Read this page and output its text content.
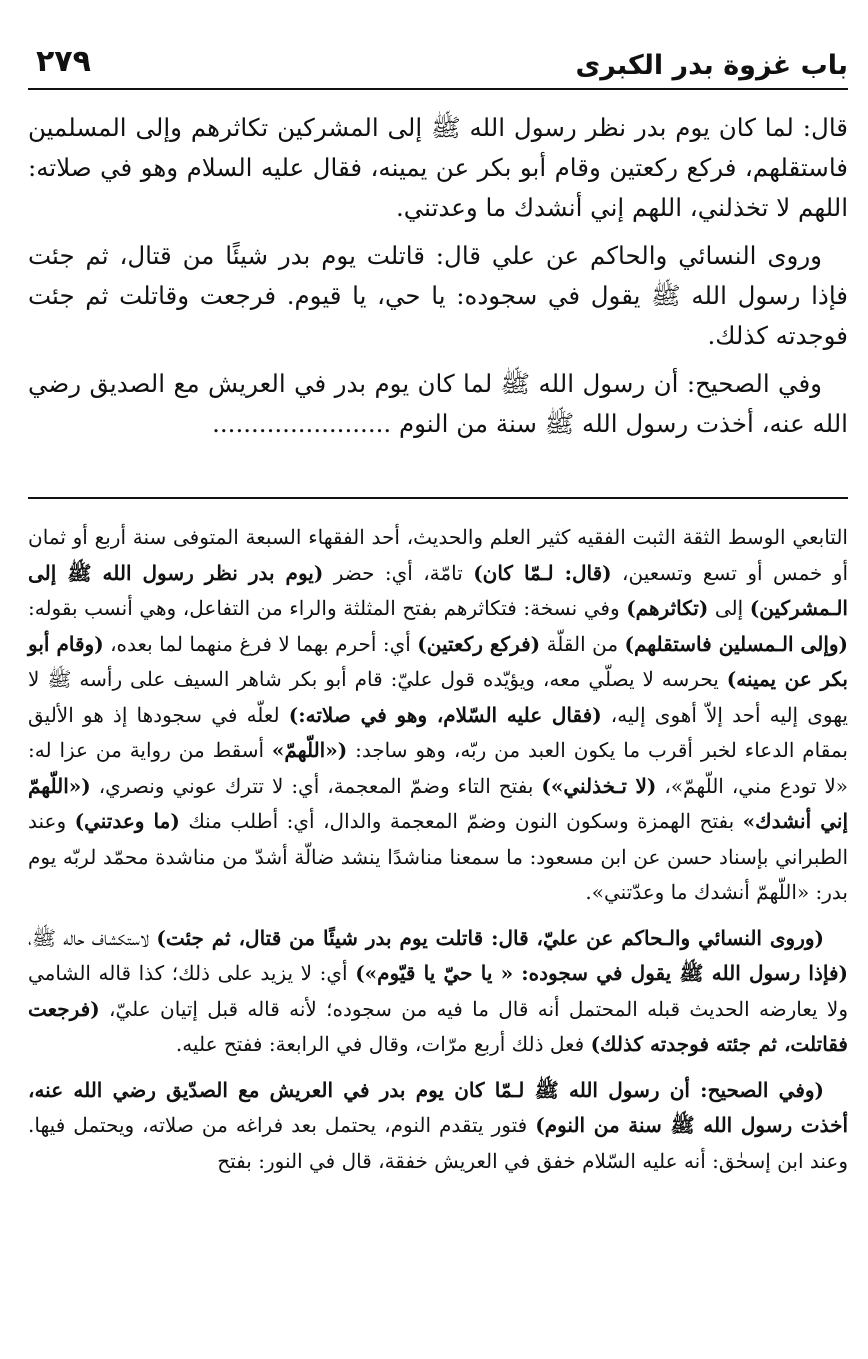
باب غزوة بدر الكبرى
٢٧٩

قال: لما كان يوم بدر نظر رسول الله ﷺ إلى المشركين تكاثرهم وإلى المسلمين فاستقلهم، فركع ركعتين وقام أبو بكر عن يمينه، فقال عليه السلام وهو في صلاته: اللهم لا تخذلني، اللهم إني أنشدك ما وعدتني.

وروى النسائي والحاكم عن علي قال: قاتلت يوم بدر شيئًا من قتال، ثم جئت فإذا رسول الله ﷺ يقول في سجوده: يا حي، يا قيوم. فرجعت وقاتلت ثم جئت فوجدته كذلك.

وفي الصحيح: أن رسول الله ﷺ لما كان يوم بدر في العريش مع الصديق رضي الله عنه، أخذت رسول الله ﷺ سنة من النوم .......................

التابعي الوسط الثقة الثبت الفقيه كثير العلم والحديث، أحد الفقهاء السبعة المتوفى سنة أربع أو ثمان أو خمس أو تسع وتسعين، (قال: لـمّا كان) تامّة، أي: حضر (يوم بدر نظر رسول الله ﷺ إلى الـمشركين) إلى (تكاثرهم) وفي نسخة: فتكاثرهم بفتح المثلثة والراء من التفاعل، وهي أنسب بقوله: (وإلى الـمسلين فاستقلهم) من القلّة (فركع ركعتين) أي: أحرم بهما لا فرغ منهما لما بعده، (وقام أبو بكر عن يمينه) يحرسه لا يصلّي معه، ويؤيّده قول عليّ: قام أبو بكر شاهر السيف على رأسه ﷺ لا يهوى إليه أحد إلاّ أهوى إليه، (فقال عليه السّلام، وهو في صلاته:) لعلّه في سجودها إذ هو الأليق بمقام الدعاء لخبر أقرب ما يكون العبد من ربّه، وهو ساجد: («اللّهمّ» أسقط من رواية من عزا له: «لا تودع مني، اللّهمّ»، (لا تـخذلني») بفتح التاء وضمّ المعجمة، أي: لا تترك عوني ونصري، («اللّهمّ إني أنشدك» بفتح الهمزة وسكون النون وضمّ المعجمة والدال، أي: أطلب منك (ما وعدتني) وعند الطبراني بإسناد حسن عن ابن مسعود: ما سمعنا مناشدًا ينشد ضالّة أشدّ من مناشدة محمّد لربّه يوم بدر: «اللّهمّ أنشدك ما وعدّتني».

(وروى النسائي والـحاكم عن عليّ، قال: قاتلت يوم بدر شيئًا من قتال، ثم جئت) لاستكشاف حاله ﷺ، (فإذا رسول الله ﷺ يقول في سجوده: « يا حيّ يا قيّوم») أي: لا يزيد على ذلك؛ كذا قاله الشامي ولا يعارضه الحديث قبله المحتمل أنه قال ما فيه من سجوده؛ لأنه قاله قبل إتيان عليّ، (فرجعت فقاتلت، ثم جئته فوجدته كذلك) فعل ذلك أربع مرّات، وقال في الرابعة: ففتح عليه.

(وفي الصحيح: أن رسول الله ﷺ لـمّا كان يوم بدر في العريش مع الصدّيق رضي الله عنه، أخذت رسول الله ﷺ سنة من النوم) فتور يتقدم النوم، يحتمل بعد فراغه من صلاته، ويحتمل فيها. وعند ابن إسحٰق: أنه عليه السّلام خفق في العريش خفقة، قال في النور: بفتح
